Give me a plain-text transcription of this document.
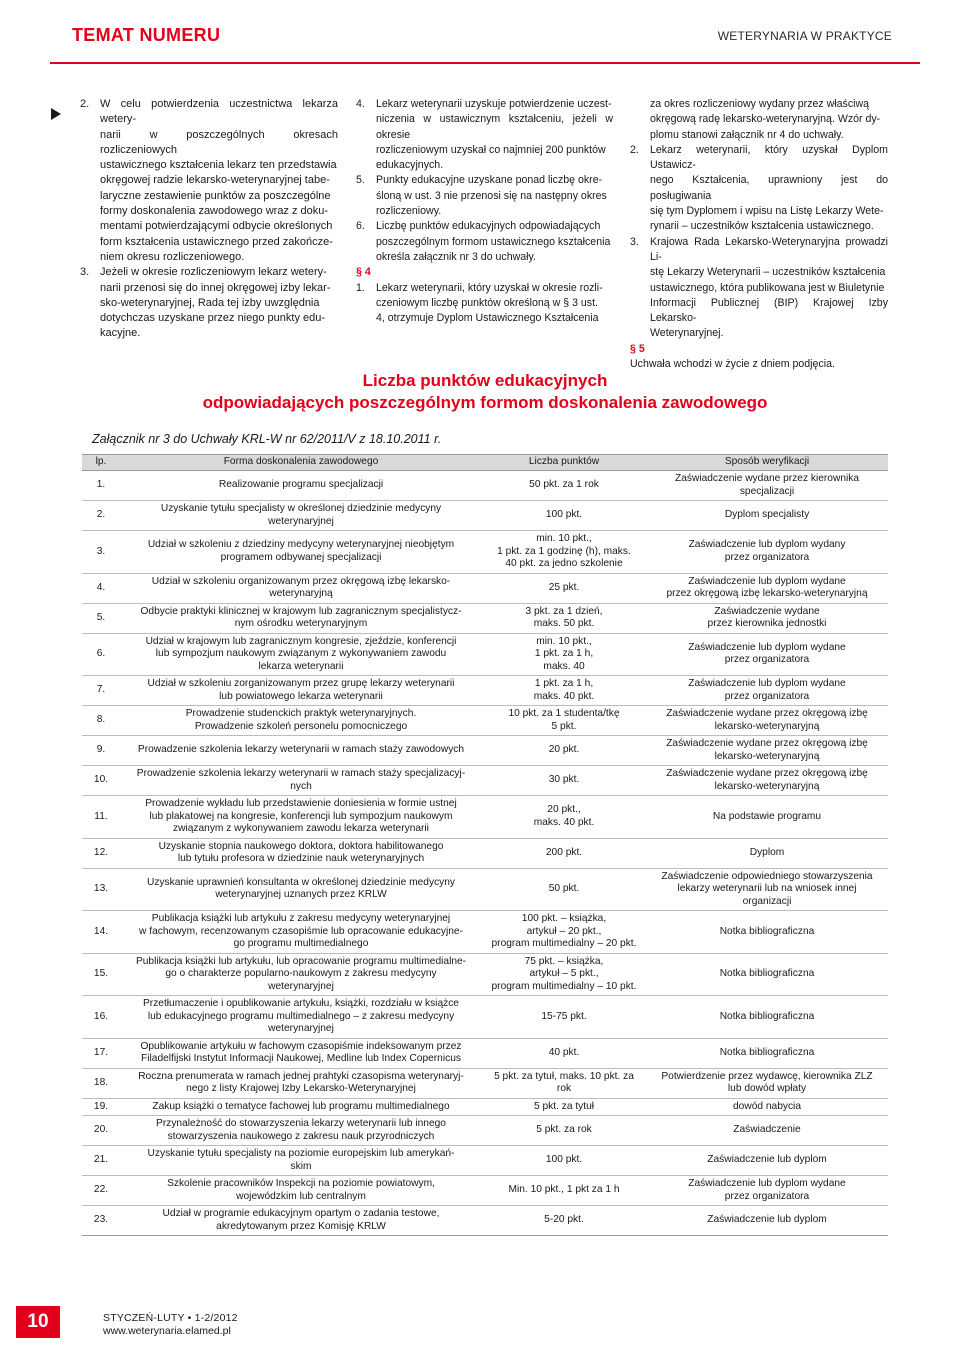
TEMAT NUMERU	WETERYNARIA W PRAKTYCE
2. W celu potwierdzenia uczestnictwa lekarza wetery-
narii w poszczególnych okresach rozliczeniowych
ustawicznego kształcenia lekarz ten przedstawia
okręgowej radzie lekarsko-weterynaryjnej tabe-
laryczne zestawienie punktów za poszczególne
formy doskonalenia zawodowego wraz z doku-
mentami potwierdzającymi odbycie określonych
form kształcenia ustawicznego przed zakończe-
niem okresu rozliczeniowego.
3. Jeżeli w okresie rozliczeniowym lekarz wetery-
narii przenosi się do innej okręgowej izby lekar-
sko-weterynaryjnej, Rada tej izby uwzględnia
dotychczas uzyskane przez niego punkty edu-
kacyjne.
4.	Lekarz weterynarii uzyskuje potwierdzenie uczest-
niczenia w ustawicznym kształceniu, jeżeli w okresie
rozliczeniowym uzyskał co najmniej 200 punktów
edukacyjnych.
5.	Punkty edukacyjne uzyskane ponad liczbę okre-
śloną w ust. 3 nie przenosi się na następny okres
rozliczeniowy.
6.	Liczbę punktów edukacyjnych odpowiadających
poszczególnym formom ustawicznego kształcenia
określa załącznik nr 3 do uchwały.
§ 4
1.	Lekarz weterynarii, który uzyskał w okresie rozli-
czeniowym liczbę punktów określoną w § 3 ust.
4, otrzymuje Dyplom Ustawicznego Kształcenia
za okres rozliczeniowy wydany przez właściwą
okręgową radę lekarsko-weterynaryjną. Wzór dy-
plomu stanowi załącznik nr 4 do uchwały.
2.	Lekarz weterynarii, który uzyskał Dyplom Ustawicz-
nego Kształcenia, uprawniony jest do posługiwania
się tym Dyplomem i wpisu na Listę Lekarzy Wete-
rynarii – uczestników kształcenia ustawicznego.
3.	Krajowa Rada Lekarsko-Weterynaryjna prowadzi Li-
stę Lekarzy Weterynarii – uczestników kształcenia
ustawicznego, która publikowana jest w Biuletynie
Informacji Publicznej (BIP) Krajowej Izby Lekarsko-
Weterynaryjnej.
§ 5
Uchwała wchodzi w życie z dniem podjęcia.
Liczba punktów edukacyjnych
odpowiadających poszczególnym formom doskonalenia zawodowego
Załącznik nr 3 do Uchwały KRL-W nr 62/2011/V z 18.10.2011 r.
lp.	Forma doskonalenia zawodowego	Liczba punktów	Sposób weryfikacji

1.	Realizowanie programu specjalizacji	50 pkt. za 1 rok	Zaświadczenie wydane przez kierownika
specjalizacji

2.	Uzyskanie tytułu specjalisty w określonej dziedzinie medycyny
weterynaryjnej	100 pkt.	Dyplom specjalisty

3.	Udział w szkoleniu z dziedziny medycyny weterynaryjnej nieobjętym
programem odbywanej specjalizacji	min. 10 pkt.,
1 pkt. za 1 godzinę (h), maks.
40 pkt. za jedno szkolenie	Zaświadczenie lub dyplom wydany
przez organizatora

4.	Udział w szkoleniu organizowanym przez okręgową izbę lekarsko-
weterynaryjną	25 pkt.	Zaświadczenie lub dyplom wydane
przez okręgową izbę lekarsko-weterynaryjną

5.	Odbycie praktyki klinicznej w krajowym lub zagranicznym specjalistycz-
nym ośrodku weterynaryjnym	3 pkt. za 1 dzień,
maks. 50 pkt.	Zaświadczenie wydane
przez kierownika jednostki

6.	Udział w krajowym lub zagranicznym kongresie, zjeździe, konferencji
lub sympozjum naukowym związanym z wykonywaniem zawodu
lekarza weterynarii	min. 10 pkt.,
1 pkt. za 1 h,
maks. 40	Zaświadczenie lub dyplom wydane
przez organizatora

7.	Udział w szkoleniu zorganizowanym przez grupę lekarzy weterynarii
lub powiatowego lekarza weterynarii	1 pkt. za 1 h,
maks. 40 pkt.	Zaświadczenie lub dyplom wydane
przez organizatora

8.	Prowadzenie studenckich praktyk weterynaryjnych.
Prowadzenie szkoleń personelu pomocniczego	10 pkt. za 1 studenta/tkę
5 pkt.	Zaświadczenie wydane przez okręgową izbę
lekarsko-weterynaryjną

9.	Prowadzenie szkolenia lekarzy weterynarii w ramach staży zawodowych	20 pkt.	Zaświadczenie wydane przez okręgową izbę
lekarsko-weterynaryjną

10.	Prowadzenie szkolenia lekarzy weterynarii w ramach staży specjalizacyj-
nych	30 pkt.	Zaświadczenie wydane przez okręgową izbę
lekarsko-weterynaryjną

11.	Prowadzenie wykładu lub przedstawienie doniesienia w formie ustnej
lub plakatowej na kongresie, konferencji lub sympozjum naukowym
związanym z wykonywaniem zawodu lekarza weterynarii	20 pkt.,
maks. 40 pkt.	Na podstawie programu

12.	Uzyskanie stopnia naukowego doktora, doktora habilitowanego
lub tytułu profesora w dziedzinie nauk weterynaryjnych	200 pkt.	Dyplom

13.	Uzyskanie uprawnień konsultanta w określonej dziedzinie medycyny
weterynaryjnej uznanych przez KRLW	50 pkt.	Zaświadczenie odpowiedniego stowarzyszenia
lekarzy weterynarii lub na wniosek innej
organizacji

14.	Publikacja książki lub artykułu z zakresu medycyny weterynaryjnej
w fachowym, recenzowanym czasopiśmie lub opracowanie edukacyjne-
go programu multimedialnego	100 pkt. – książka,
artykuł – 20 pkt.,
program multimedialny – 20 pkt.	Notka bibliograficzna

15.	Publikacja książki lub artykułu, lub opracowanie programu multimedialne-
go o charakterze popularno-naukowym z zakresu medycyny
weterynaryjnej	75 pkt. – książka,
artykuł – 5 pkt.,
program multimedialny – 10 pkt.	Notka bibliograficzna

16.	Przetłumaczenie i opublikowanie artykułu, książki, rozdziału w książce
lub edukacyjnego programu multimedialnego – z zakresu medycyny
weterynaryjnej	15-75 pkt.	Notka bibliograficzna

17.	Opublikowanie artykułu w fachowym czasopiśmie indeksowanym przez
Filadelfijski Instytut Informacji Naukowej, Medline lub Index Copernicus	40 pkt.	Notka bibliograficzna

18.	Roczna prenumerata w ramach jednej prahtyki czasopisma weterynaryj-
nego z listy Krajowej Izby Lekarsko-Weterynaryjnej	5 pkt. za tytuł, maks. 10 pkt. za rok	Potwierdzenie przez wydawcę, kierownika ZLZ
lub dowód wpłaty

19.	Zakup książki o tematyce fachowej lub programu multimedialnego	5 pkt. za tytuł	dowód nabycia

20.	Przynależność do stowarzyszenia lekarzy weterynarii lub innego
stowarzyszenia naukowego z zakresu nauk przyrodniczych	5 pkt. za rok	Zaświadczenie

21.	Uzyskanie tytułu specjalisty na poziomie europejskim lub amerykań-
skim	100 pkt.	Zaświadczenie lub dyplom

22.	Szkolenie pracowników Inspekcji na poziomie powiatowym,
wojewódzkim lub centralnym	Min. 10 pkt., 1 pkt za 1 h	Zaświadczenie lub dyplom wydane
przez organizatora

23.	Udział w programie edukacyjnym opartym o zadania testowe,
akredytowanym przez Komisję KRLW	5-20 pkt.	Zaświadczenie lub dyplom
10	STYCZEŃ-LUTY • 1-2/2012
www.weterynaria.elamed.pl
